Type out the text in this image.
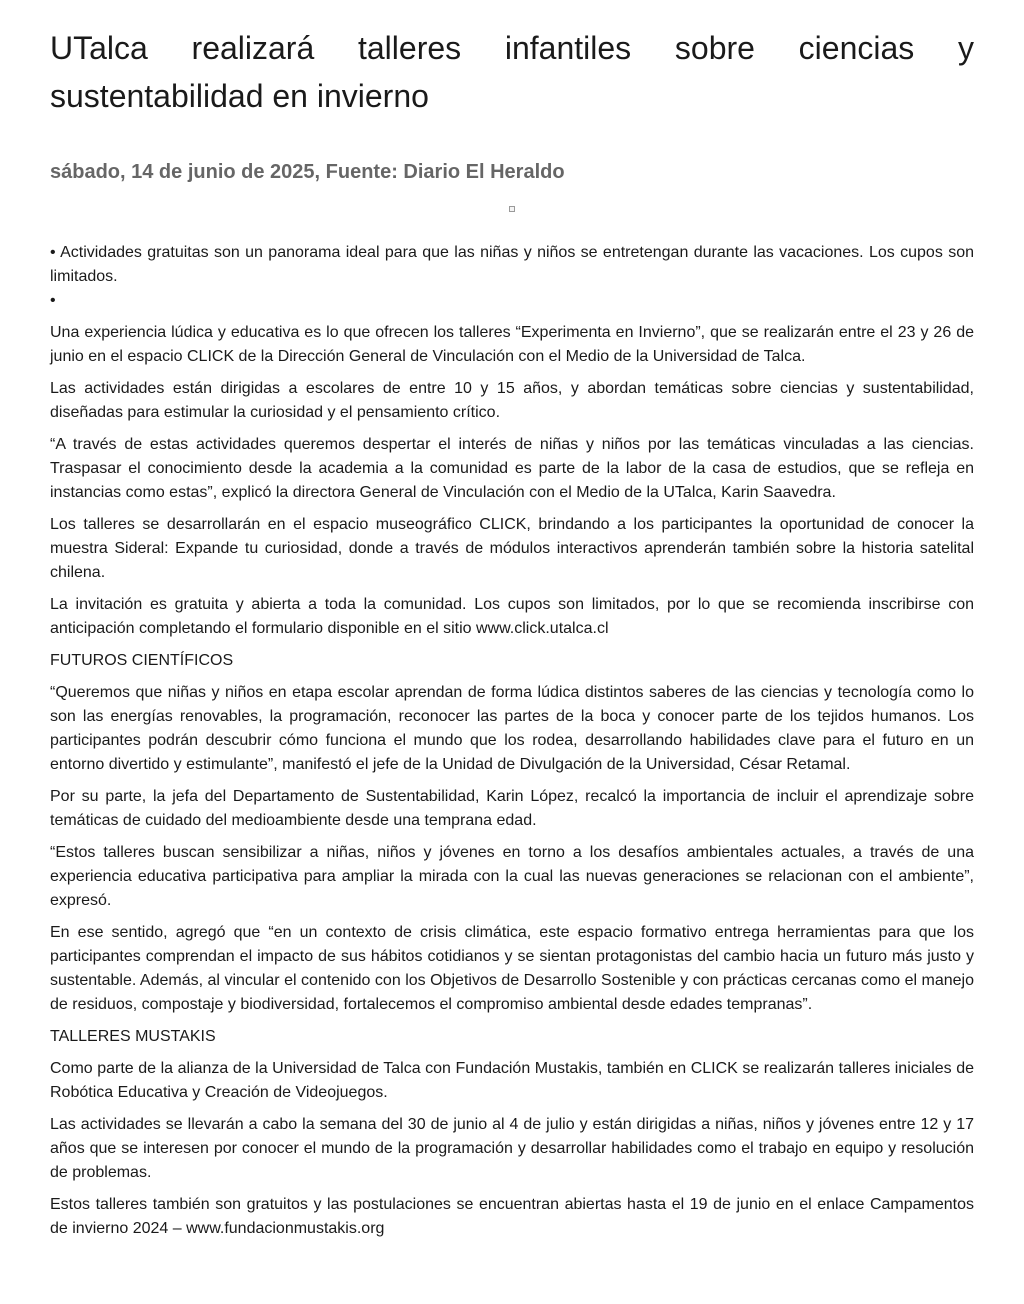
UTalca realizará talleres infantiles sobre ciencias y sustentabilidad en invierno
sábado, 14 de junio de 2025, Fuente: Diario El Heraldo
• Actividades gratuitas son un panorama ideal para que las niñas y niños se entretengan durante las vacaciones. Los cupos son limitados.
•

Una experiencia lúdica y educativa es lo que ofrecen los talleres “Experimenta en Invierno”, que se realizarán entre el 23 y 26 de junio en el espacio CLICK de la Dirección General de Vinculación con el Medio de la Universidad de Talca.

Las actividades están dirigidas a escolares de entre 10 y 15 años, y abordan temáticas sobre ciencias y sustentabilidad, diseñadas para estimular la curiosidad y el pensamiento crítico.

“A través de estas actividades queremos despertar el interés de niñas y niños por las temáticas vinculadas a las ciencias. Traspasar el conocimiento desde la academia a la comunidad es parte de la labor de la casa de estudios, que se refleja en instancias como estas”, explicó la directora General de Vinculación con el Medio de la UTalca, Karin Saavedra.

Los talleres se desarrollarán en el espacio museográfico CLICK, brindando a los participantes la oportunidad de conocer la muestra Sideral: Expande tu curiosidad, donde a través de módulos interactivos aprenderán también sobre la historia satelital chilena.

La invitación es gratuita y abierta a toda la comunidad. Los cupos son limitados, por lo que se recomienda inscribirse con anticipación completando el formulario disponible en el sitio www.click.utalca.cl

FUTUROS CIENTÍFICOS

“Queremos que niñas y niños en etapa escolar aprendan de forma lúdica distintos saberes de las ciencias y tecnología como lo son las energías renovables, la programación, reconocer las partes de la boca y conocer parte de los tejidos humanos. Los participantes podrán descubrir cómo funciona el mundo que los rodea, desarrollando habilidades clave para el futuro en un entorno divertido y estimulante”, manifestó el jefe de la Unidad de Divulgación de la Universidad, César Retamal.

Por su parte, la jefa del Departamento de Sustentabilidad, Karin López, recalcó la importancia de incluir el aprendizaje sobre temáticas de cuidado del medioambiente desde una temprana edad.

“Estos talleres buscan sensibilizar a niñas, niños y jóvenes en torno a los desafíos ambientales actuales, a través de una experiencia educativa participativa para ampliar la mirada con la cual las nuevas generaciones se relacionan con el ambiente”, expresó.

En ese sentido, agregó que “en un contexto de crisis climática, este espacio formativo entrega herramientas para que los participantes comprendan el impacto de sus hábitos cotidianos y se sientan protagonistas del cambio hacia un futuro más justo y sustentable. Además, al vincular el contenido con los Objetivos de Desarrollo Sostenible y con prácticas cercanas como el manejo de residuos, compostaje y biodiversidad, fortalecemos el compromiso ambiental desde edades tempranas”.

TALLERES MUSTAKIS

Como parte de la alianza de la Universidad de Talca con Fundación Mustakis, también en CLICK se realizarán talleres iniciales de Robótica Educativa y Creación de Videojuegos.

Las actividades se llevarán a cabo la semana del 30 de junio al 4 de julio y están dirigidas a niñas, niños y jóvenes entre 12 y 17 años que se interesen por conocer el mundo de la programación y desarrollar habilidades como el trabajo en equipo y resolución de problemas.

Estos talleres también son gratuitos y las postulaciones se encuentran abiertas hasta el 19 de junio en el enlace Campamentos de invierno 2024 – www.fundacionmustakis.org
